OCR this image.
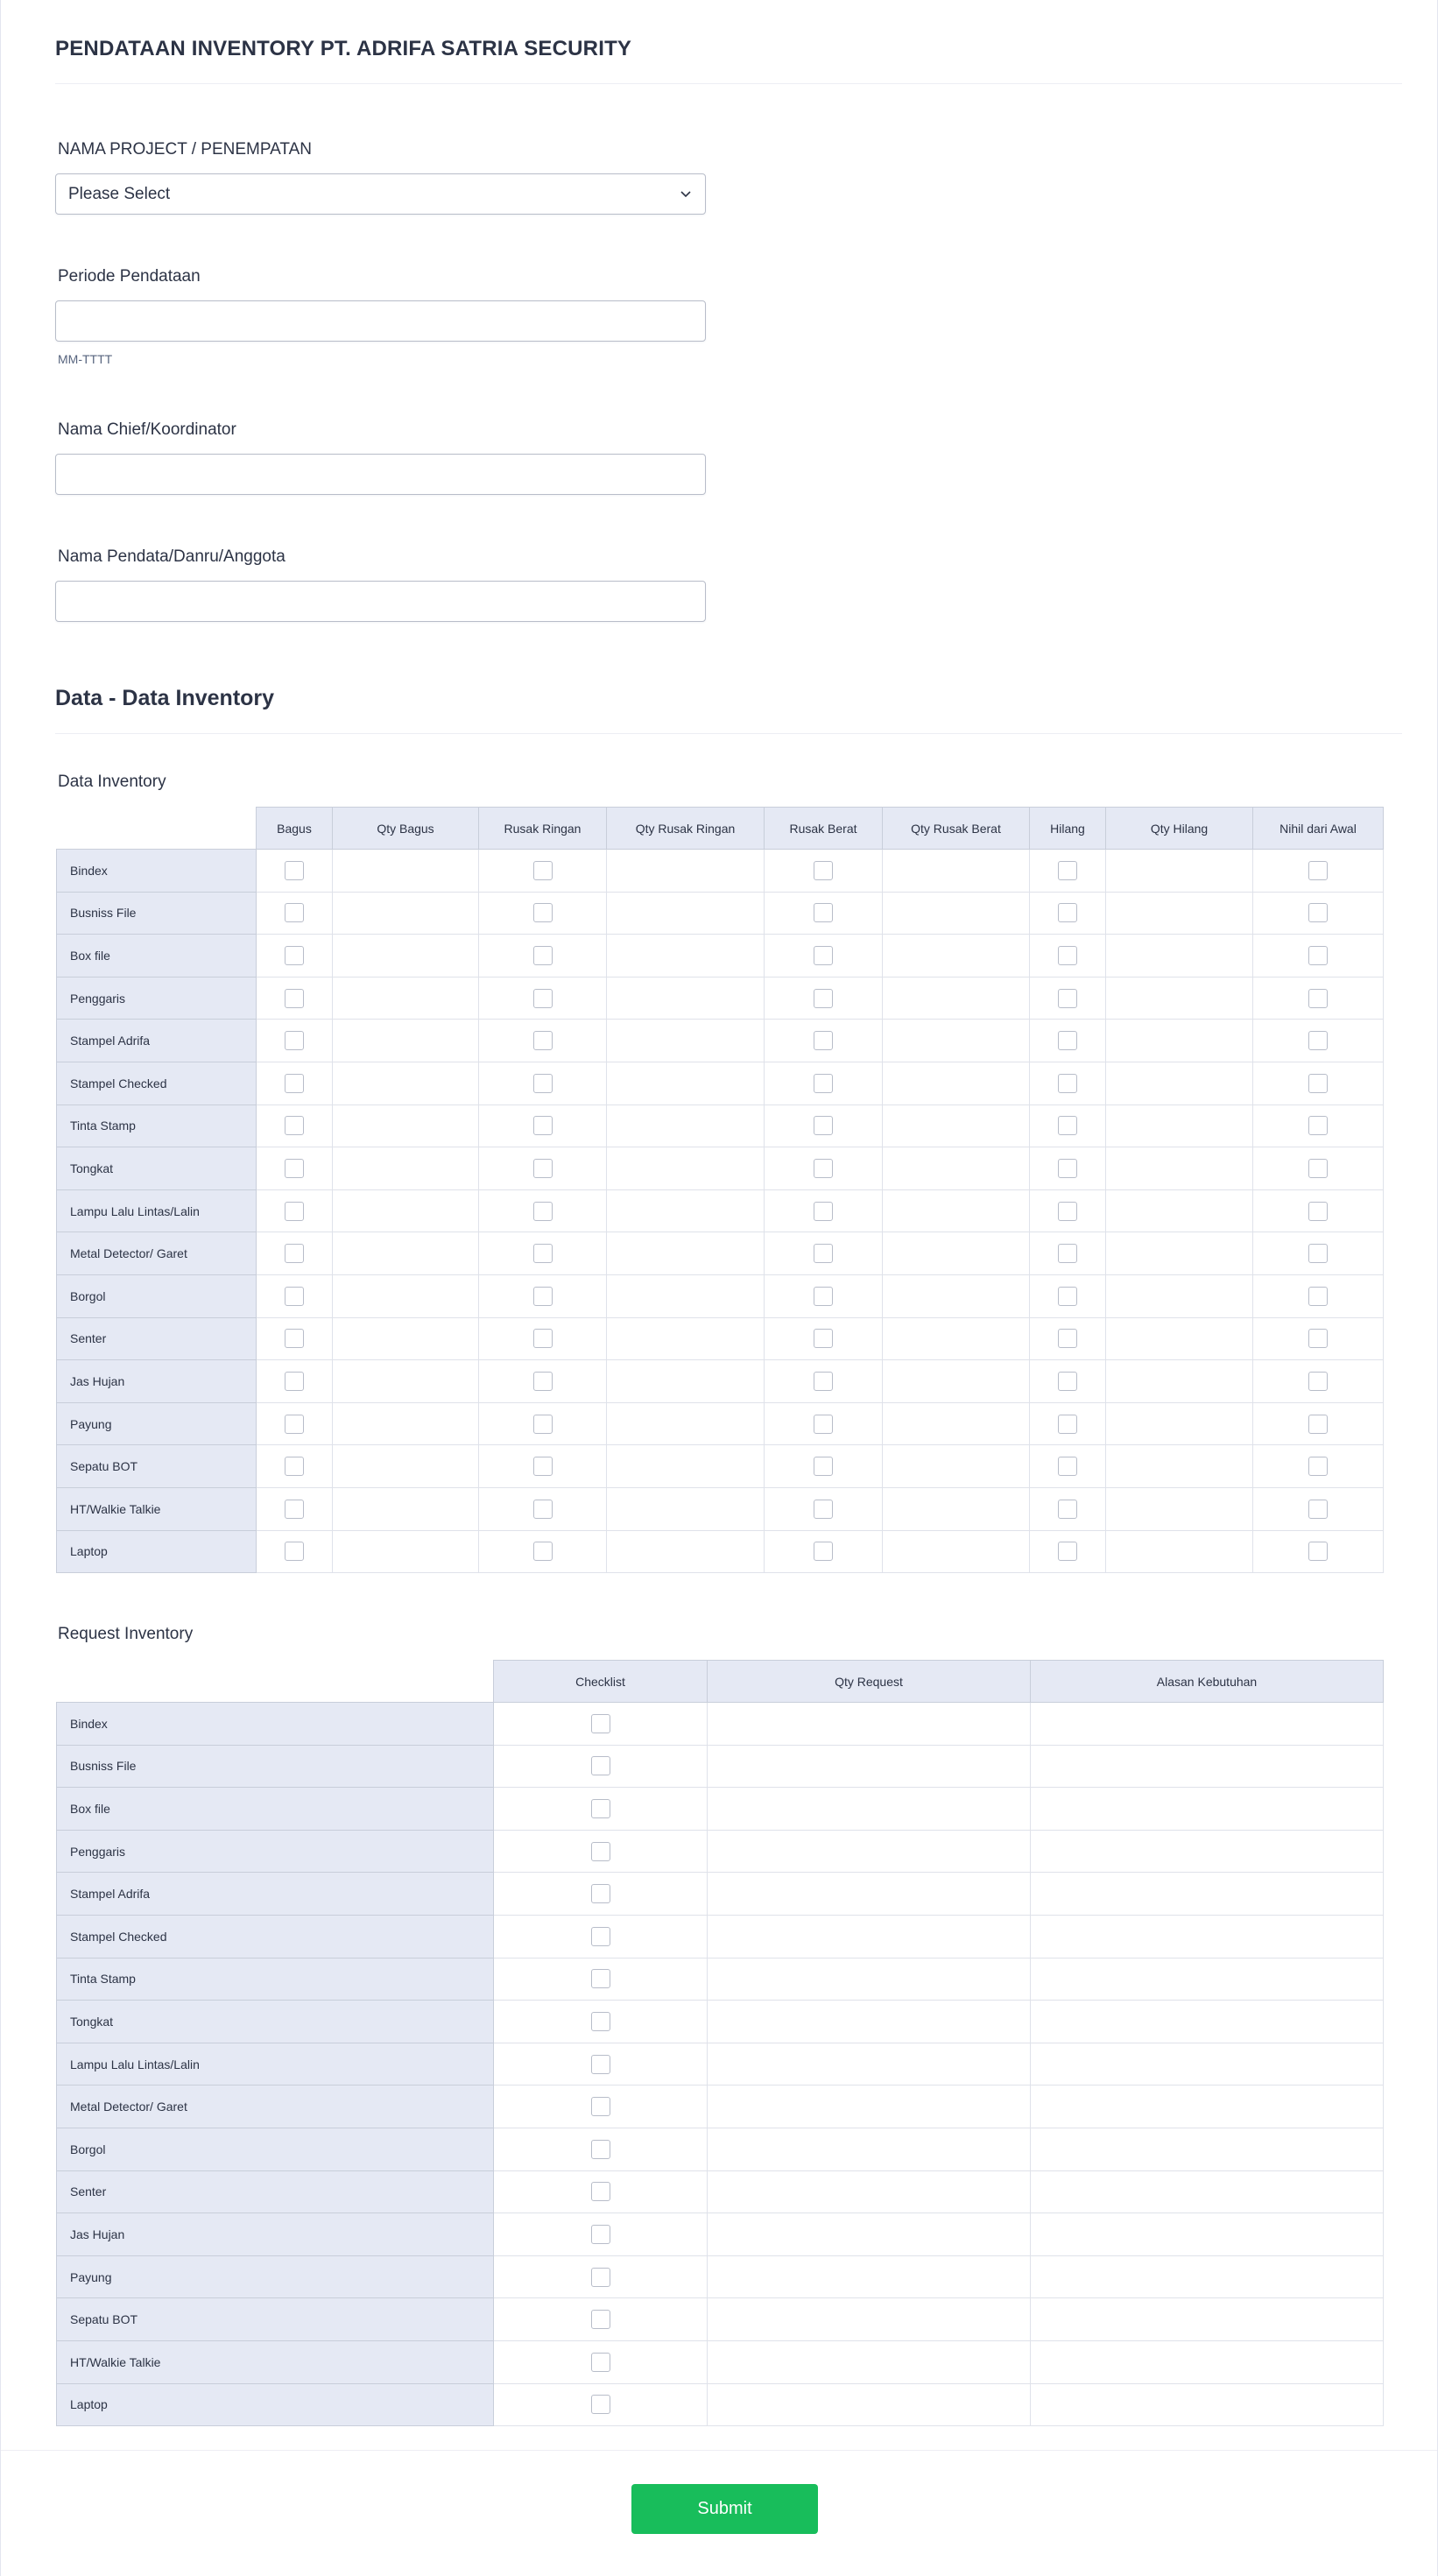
PENDATAAN INVENTORY PT. ADRIFA SATRIA SECURITY
NAMA PROJECT / PENEMPATAN
Please Select
Periode Pendataan
MM-TTTT
Nama Chief/Koordinator
Nama Pendata/Danru/Anggota
Data - Data Inventory
Data Inventory
	Bagus	Qty Bagus	Rusak Ringan	Qty Rusak Ringan	Rusak Berat	Qty Rusak Berat	Hilang	Qty Hilang	Nihil dari Awal
Bindex		

Busniss File		

Box file		

Penggaris		

Stampel Adrifa		

Stampel Checked		

Tinta Stamp		

Tongkat		

Lampu Lalu Lintas/Lalin		

Metal Detector/ Garet		

Borgol		

Senter		

Jas Hujan		

Payung		

Sepatu BOT		

HT/Walkie Talkie		

Laptop		

Request Inventory
	Checklist	Qty Request	Alasan Kebutuhan
Bindex		

Busniss File		

Box file		

Penggaris		

Stampel Adrifa		

Stampel Checked		

Tinta Stamp		

Tongkat		

Lampu Lalu Lintas/Lalin		

Metal Detector/ Garet		

Borgol		

Senter		

Jas Hujan		

Payung		

Sepatu BOT		

HT/Walkie Talkie		

Laptop		

Submit
